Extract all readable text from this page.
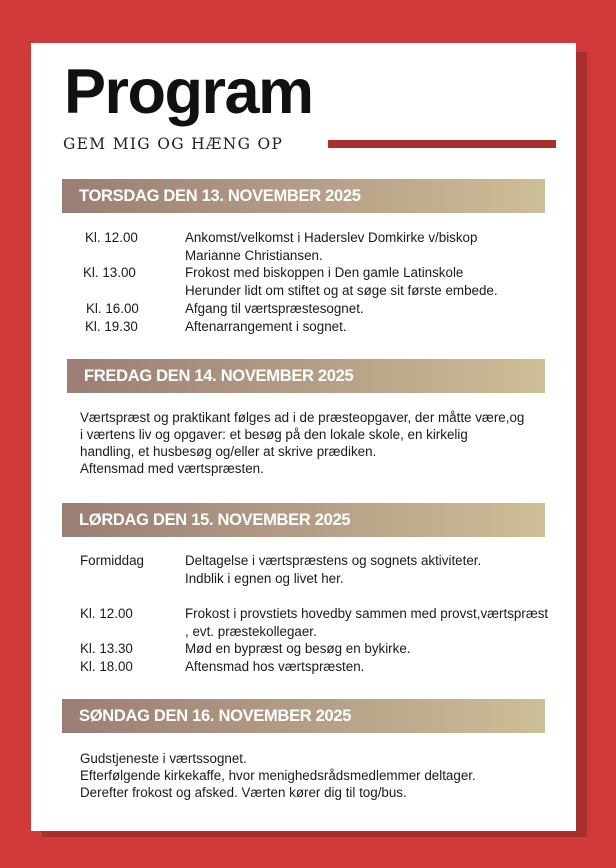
Program
GEM MIG OG HÆNG OP
TORSDAG DEN 13. NOVEMBER 2025
Kl. 12.00	Ankomst/velkomst i Haderslev Domkirke v/biskop
Marianne Christiansen.
Kl. 13.00	Frokost med biskoppen i Den gamle Latinskole
Herunder lidt om stiftet og at søge sit første embede.
Kl. 16.00	Afgang til værtspræstesognet.
Kl. 19.30	Aftenarrangement i sognet.
FREDAG DEN 14. NOVEMBER 2025
Værtspræst og praktikant følges ad i de præsteopgaver, der måtte være,og
i værtens liv og opgaver: et besøg på den lokale skole, en kirkelig
handling, et husbesøg og/eller at skrive prædiken.
Aftensmad med værtspræsten.
LØRDAG DEN 15. NOVEMBER 2025
Formiddag	Deltagelse i værtspræstens og sognets aktiviteter.
Indblik i egnen og livet her.
Kl. 12.00	Frokost i provstiets hovedby sammen med provst,værtspræst
, evt. præstekollegaer.
Kl. 13.30	Mød en bypræst og besøg en bykirke.
Kl. 18.00	Aftensmad hos værtspræsten.
SØNDAG DEN 16. NOVEMBER 2025
Gudstjeneste i værtssognet.
Efterfølgende kirkekaffe, hvor menighedsrådsmedlemmer deltager.
Derefter frokost og afsked. Værten kører dig til tog/bus.
